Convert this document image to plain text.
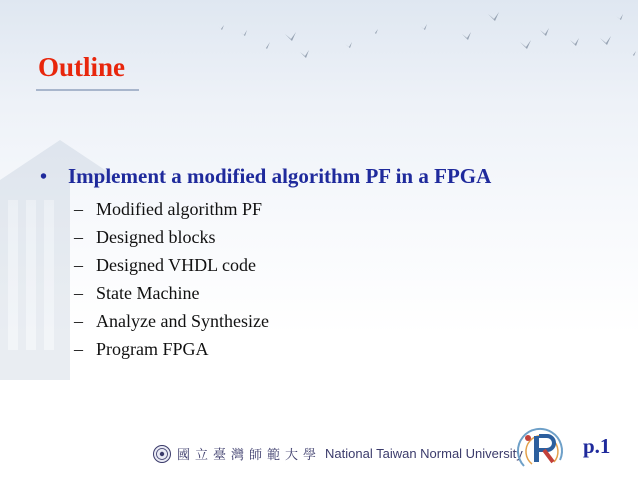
Outline
• Implement a modified algorithm PF in a FPGA
– Modified algorithm PF
– Designed blocks
– Designed VHDL code
– State Machine
– Analyze and Synthesize
– Program FPGA
國立臺灣師範大學 National Taiwan Normal University	p.1
